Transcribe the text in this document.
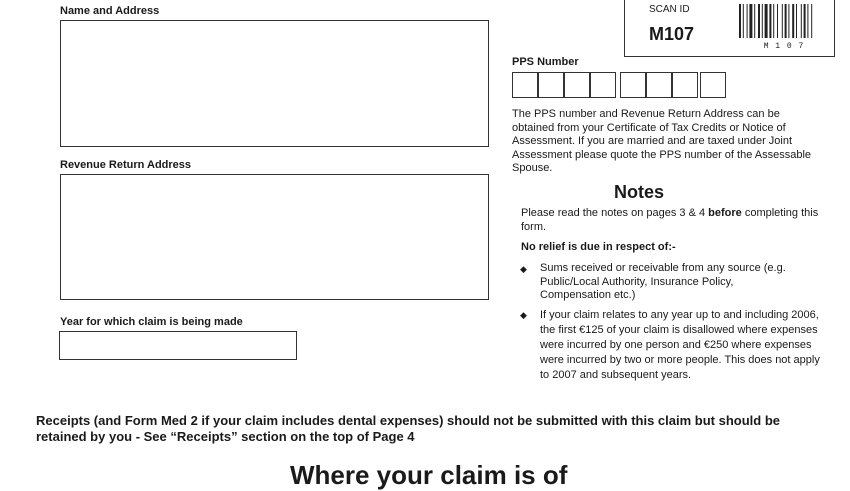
Name and Address
Revenue Return Address
Year for which claim is being made
SCAN ID
M107
M 1 0 7
PPS Number
The PPS number and Revenue Return Address can be obtained from your Certificate of Tax Credits or Notice of Assessment. If you are married and are taxed under Joint Assessment please quote the PPS number of the Assessable Spouse.
Notes
Please read the notes on pages 3 & 4 before completing this form.
No relief is due in respect of:-
◆ Sums received or receivable from any source (e.g. Public/Local Authority, Insurance Policy, Compensation etc.)
◆ If your claim relates to any year up to and including 2006, the first €125 of your claim is disallowed where expenses were incurred by one person and €250 where expenses were incurred by two or more people. This does not apply to 2007 and subsequent years.
Receipts (and Form Med 2 if your claim includes dental expenses) should not be submitted with this claim but should be retained by you - See “Receipts” section on the top of Page 4
Where your claim is of
